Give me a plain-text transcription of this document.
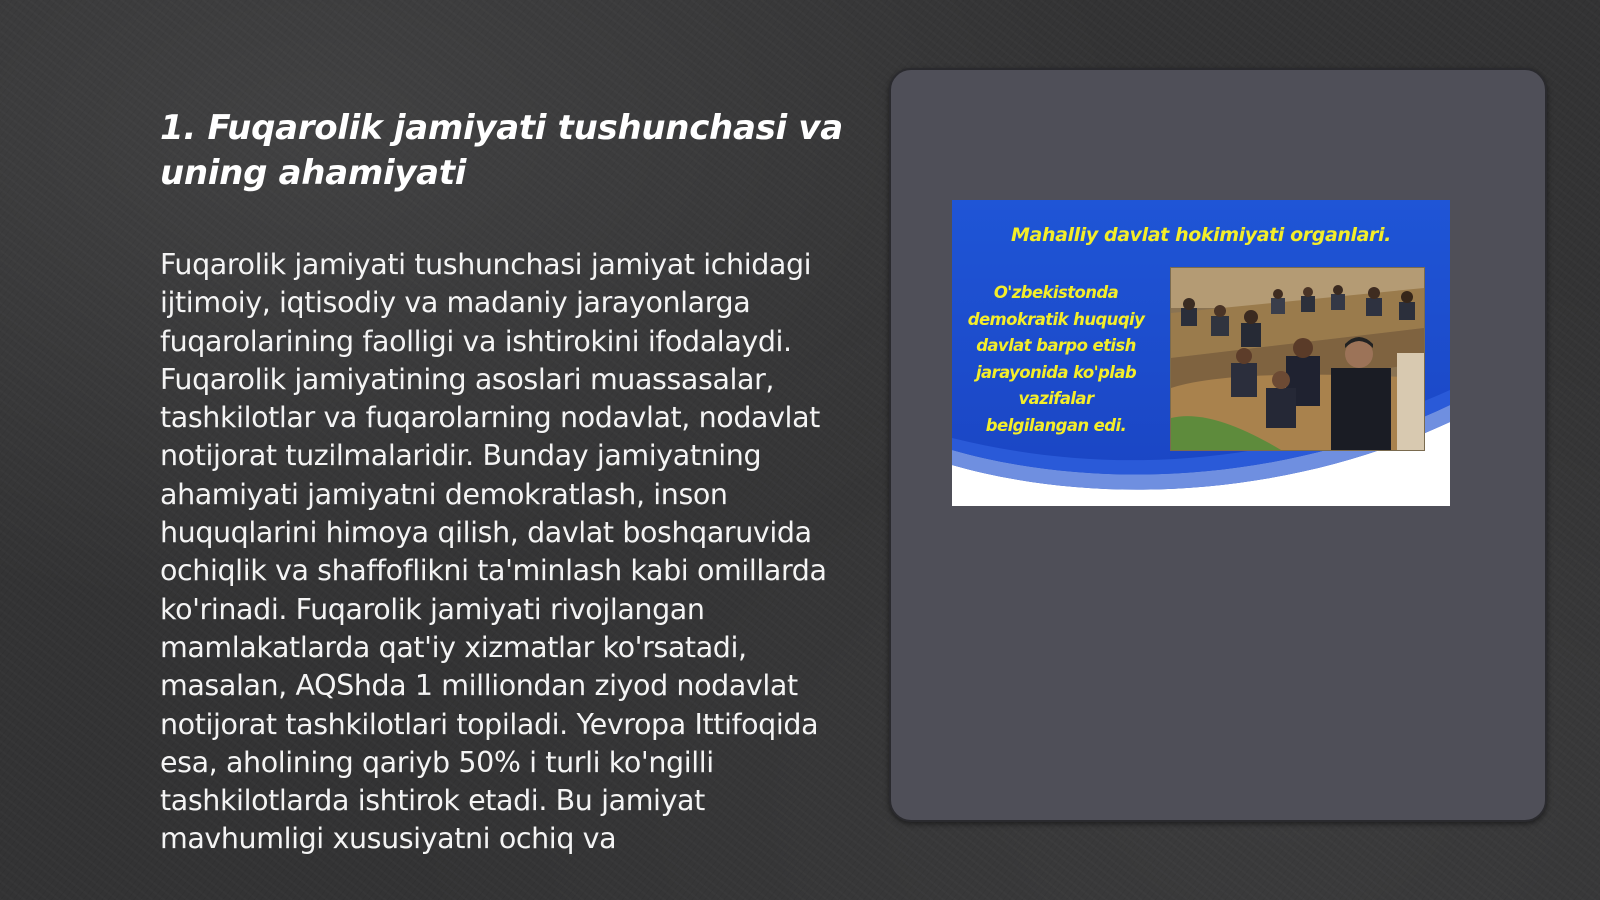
1. Fuqarolik jamiyati tushunchasi va uning ahamiyati

Fuqarolik jamiyati tushunchasi jamiyat ichidagi ijtimoiy, iqtisodiy va madaniy jarayonlarga fuqarolarining faolligi va ishtirokini ifodalaydi. Fuqarolik jamiyatining asoslari muassasalar, tashkilotlar va fuqarolarning nodavlat, nodavlat notijorat tuzilmalaridir. Bunday jamiyatning ahamiyati jamiyatni demokratlash, inson huquqlarini himoya qilish, davlat boshqaruvida ochiqlik va shaffoflikni ta'minlash kabi omillarda ko'rinadi. Fuqarolik jamiyati rivojlangan mamlakatlarda qat'iy xizmatlar ko'rsatadi, masalan, AQShda 1 milliondan ziyod nodavlat notijorat tashkilotlari topiladi. Yevropa Ittifoqida esa, aholining qariyb 50% i turli ko'ngilli tashkilotlarda ishtirok etadi. Bu jamiyat mavhumligi xususiyatni ochiq va

Mahalliy davlat hokimiyati organlari.
O'zbekistonda demokratik huquqiy davlat barpo etish jarayonida ko'plab vazifalar belgilangan edi.
